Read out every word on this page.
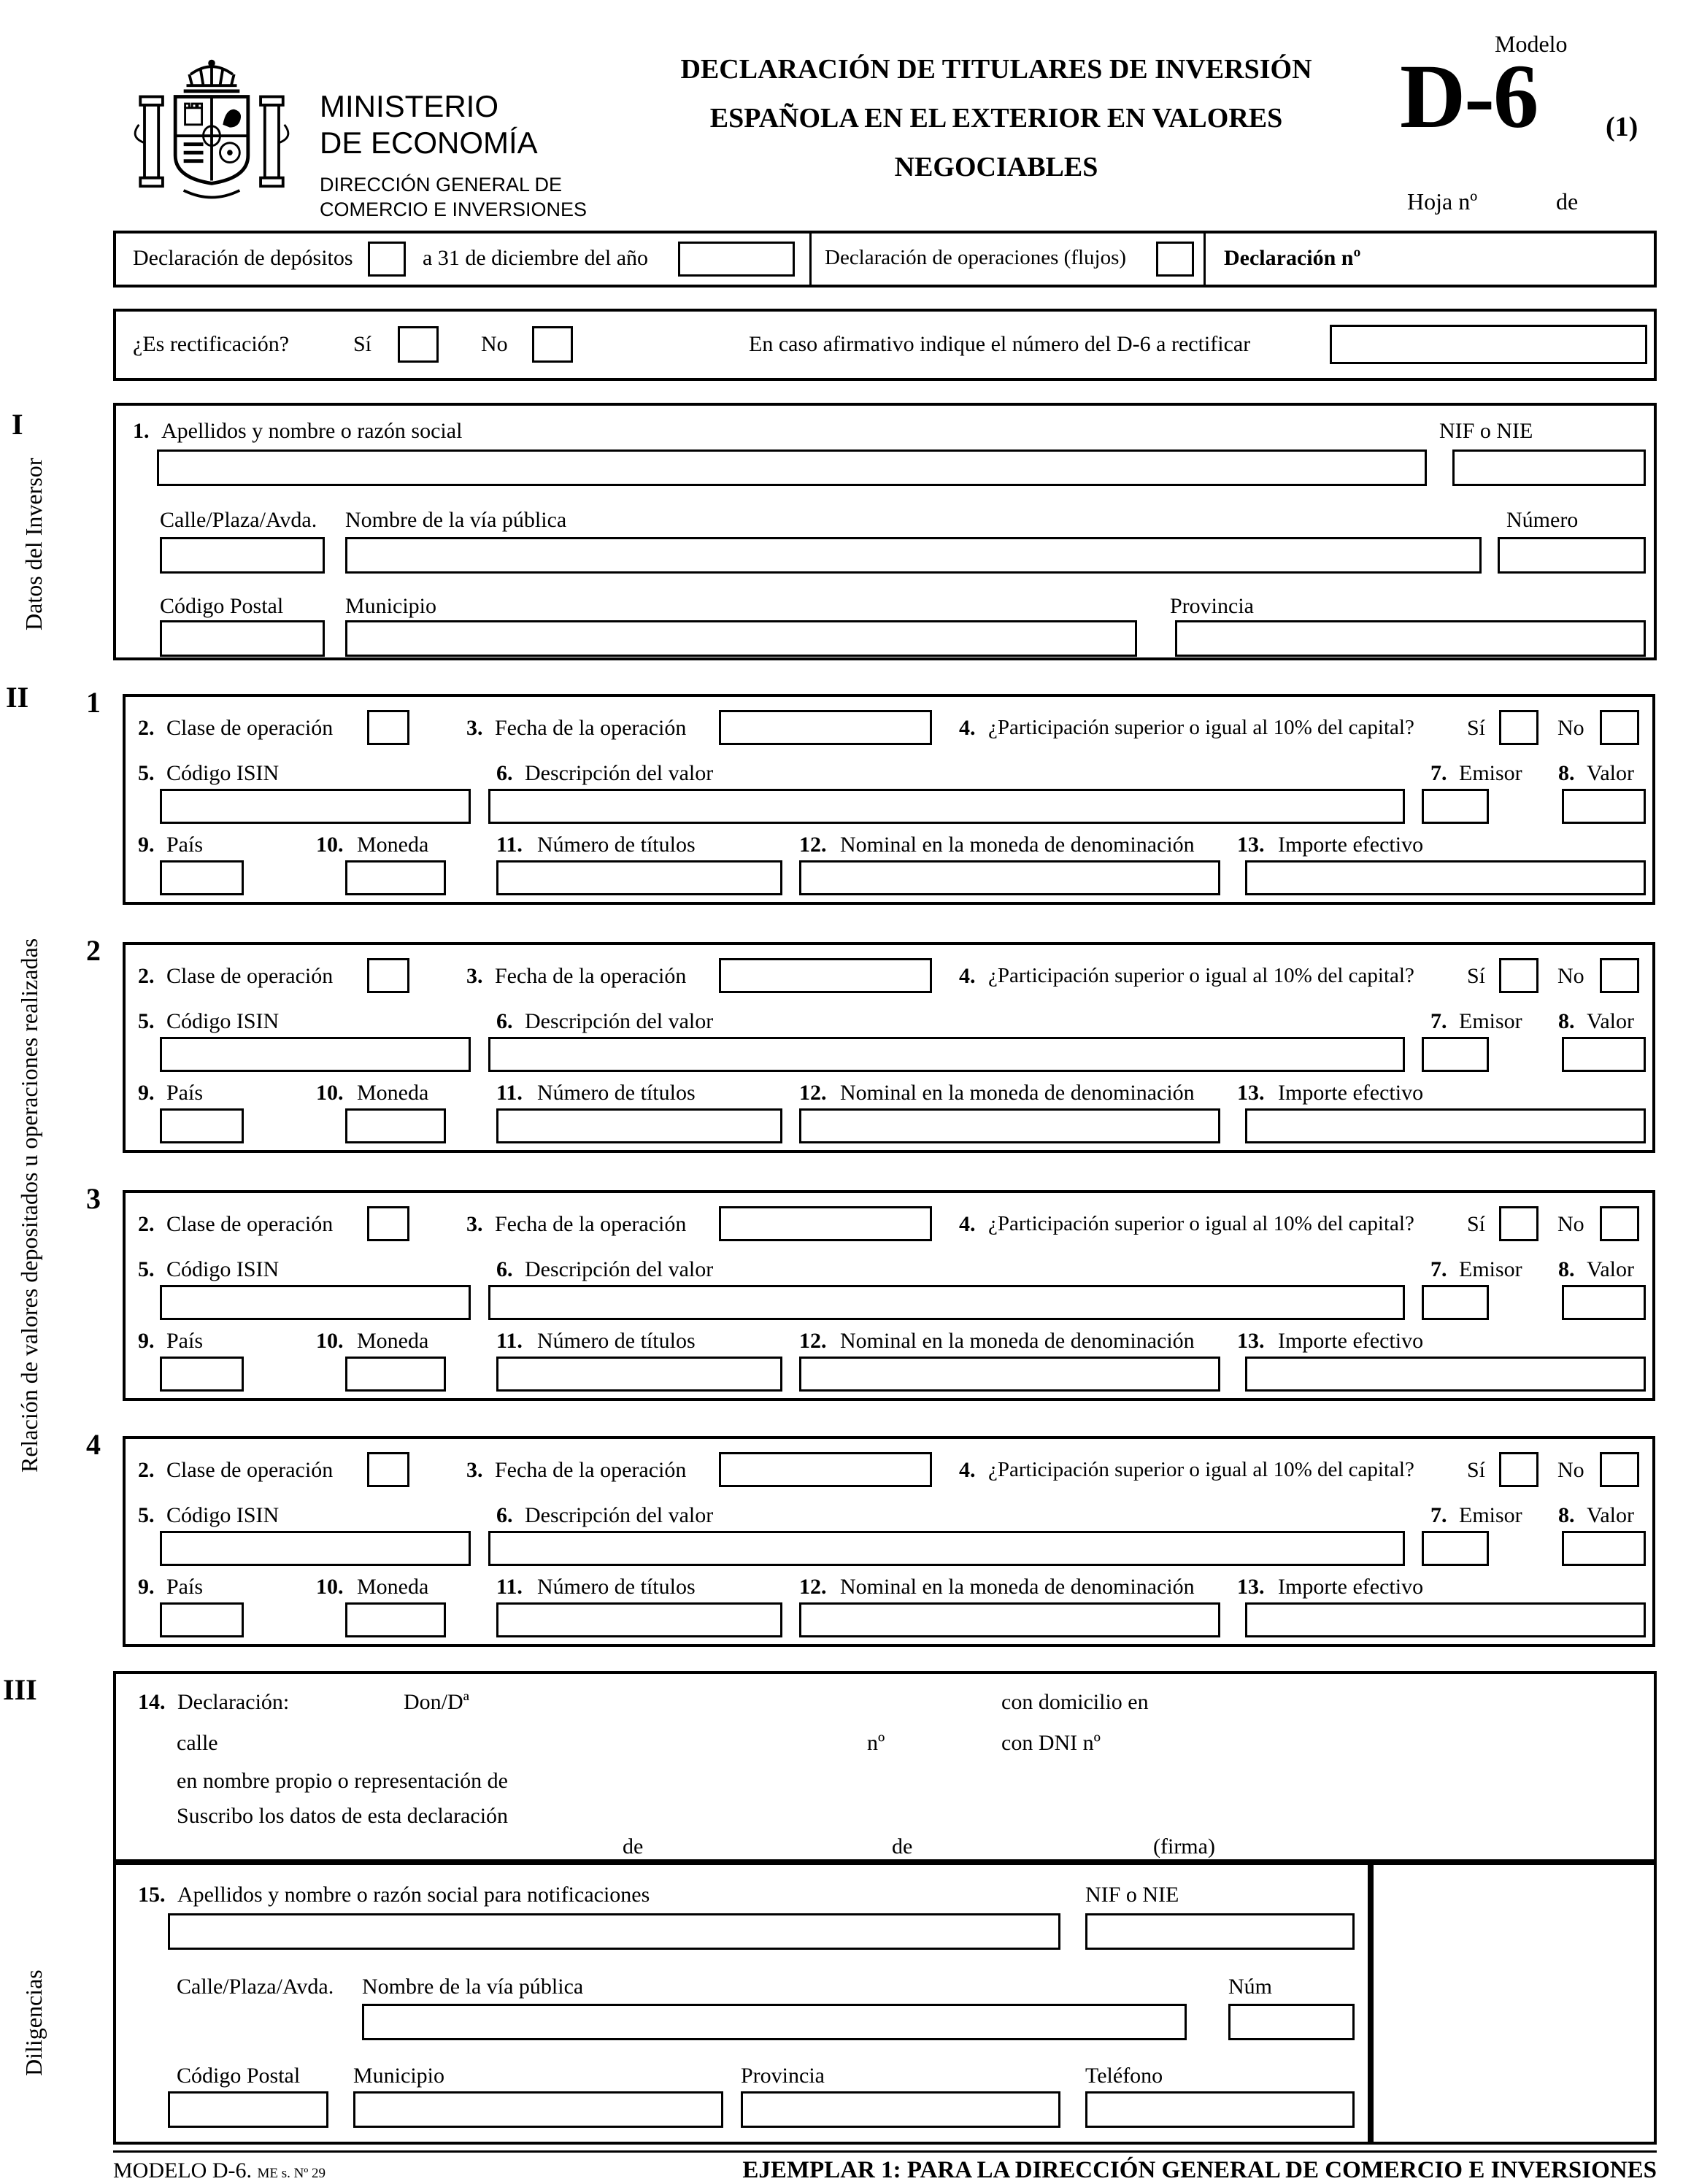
MINISTERIO
DE ECONOMÍA
DIRECCIÓN GENERAL DE
COMERCIO E INVERSIONES
DECLARACIÓN DE TITULARES DE INVERSIÓN
ESPAÑOLA EN EL EXTERIOR EN VALORES
NEGOCIABLES
Modelo
D-6 (1)
Hoja nº	de
I
Datos del Inversor
II
Relación de valores depositados u operaciones realizadas
III
Diligencias
Declaración de depósitos	a 31 de diciembre del año	Declaración de operaciones (flujos)	Declaración nº
¿Es rectificación?	Sí	No	En caso afirmativo indique el número del D-6 a rectificar
1. Apellidos y nombre o razón social	NIF o NIE
Calle/Plaza/Avda. Nombre de la vía pública	Número
Código Postal	Municipio	Provincia
14. Declaración:	Don/Dª	con domicilio en
calle	nº	con DNI nº
en nombre propio o representación de
Suscribo los datos de esta declaración
de	de	(firma)
15. Apellidos y nombre o razón social para notificaciones	NIF o NIE
Calle/Plaza/Avda. Nombre de la vía pública	Núm
Código Postal Municipio	Provincia	Teléfono
MODELO D-6. ME s. Nº 29	EJEMPLAR 1: PARA LA DIRECCIÓN GENERAL DE COMERCIO E INVERSIONES
1
2. Clase de operación	3. Fecha de la operación	4. ¿Participación superior o igual al 10% del capital? Sí	No
5. Código ISIN	6. Descripción del valor	7. Emisor 8. Valor
9. País	10. Moneda	11. Número de títulos	12. Nominal en la moneda de denominación 13. Importe efectivo
2
2. Clase de operación	3. Fecha de la operación	4. ¿Participación superior o igual al 10% del capital? Sí	No
5. Código ISIN	6. Descripción del valor	7. Emisor 8. Valor
9. País	10. Moneda	11. Número de títulos	12. Nominal en la moneda de denominación 13. Importe efectivo
3
2. Clase de operación	3. Fecha de la operación	4. ¿Participación superior o igual al 10% del capital? Sí	No
5. Código ISIN	6. Descripción del valor	7. Emisor 8. Valor
9. País	10. Moneda	11. Número de títulos	12. Nominal en la moneda de denominación 13. Importe efectivo
4
2. Clase de operación	3. Fecha de la operación	4. ¿Participación superior o igual al 10% del capital? Sí	No
5. Código ISIN	6. Descripción del valor	7. Emisor 8. Valor
9. País	10. Moneda	11. Número de títulos	12. Nominal en la moneda de denominación 13. Importe efectivo
